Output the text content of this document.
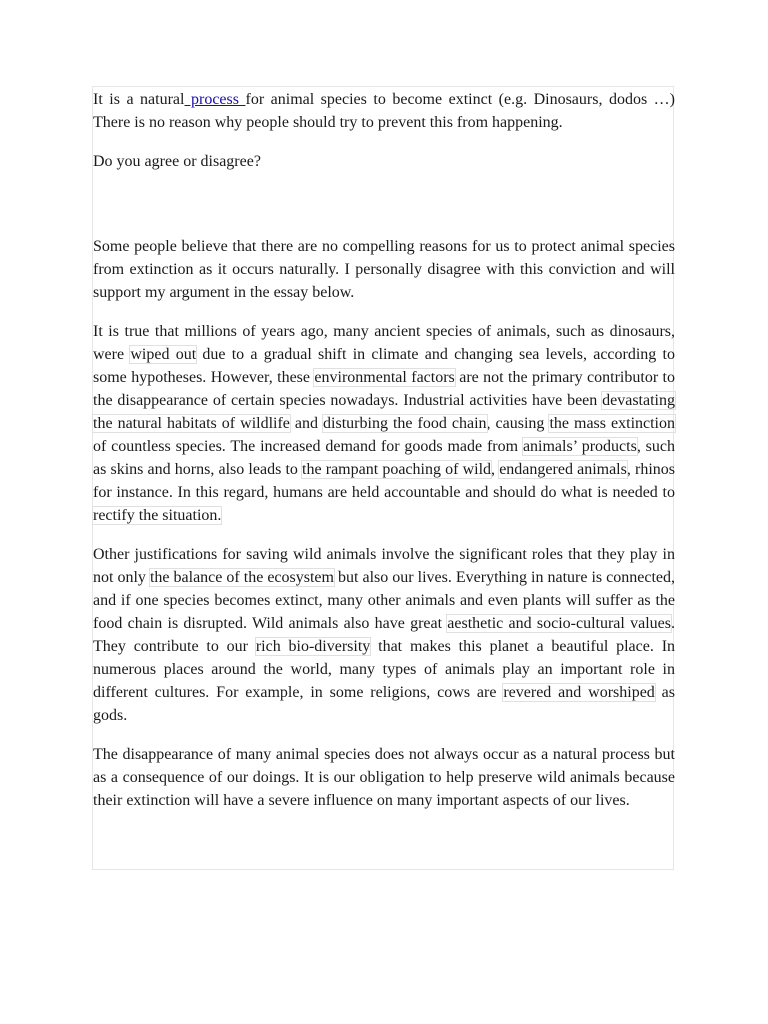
It is a natural process for animal species to become extinct (e.g. Dinosaurs, dodos …) There is no reason why people should try to prevent this from happening.

Do you agree or disagree?

Some people believe that there are no compelling reasons for us to protect animal species from extinction as it occurs naturally. I personally disagree with this conviction and will support my argument in the essay below.

It is true that millions of years ago, many ancient species of animals, such as dinosaurs, were wiped out due to a gradual shift in climate and changing sea levels, according to some hypotheses. However, these environmental factors are not the primary contributor to the disappearance of certain species nowadays. Industrial activities have been devastating the natural habitats of wildlife and disturbing the food chain, causing the mass extinction of countless species. The increased demand for goods made from animals’ products, such as skins and horns, also leads to the rampant poaching of wild, endangered animals, rhinos for instance. In this regard, humans are held accountable and should do what is needed to rectify the situation.

Other justifications for saving wild animals involve the significant roles that they play in not only the balance of the ecosystem but also our lives. Everything in nature is connected, and if one species becomes extinct, many other animals and even plants will suffer as the food chain is disrupted. Wild animals also have great aesthetic and socio-cultural values. They contribute to our rich bio-diversity that makes this planet a beautiful place. In numerous places around the world, many types of animals play an important role in different cultures. For example, in some religions, cows are revered and worshiped as gods.

The disappearance of many animal species does not always occur as a natural process but as a consequence of our doings. It is our obligation to help preserve wild animals because their extinction will have a severe influence on many important aspects of our lives.
